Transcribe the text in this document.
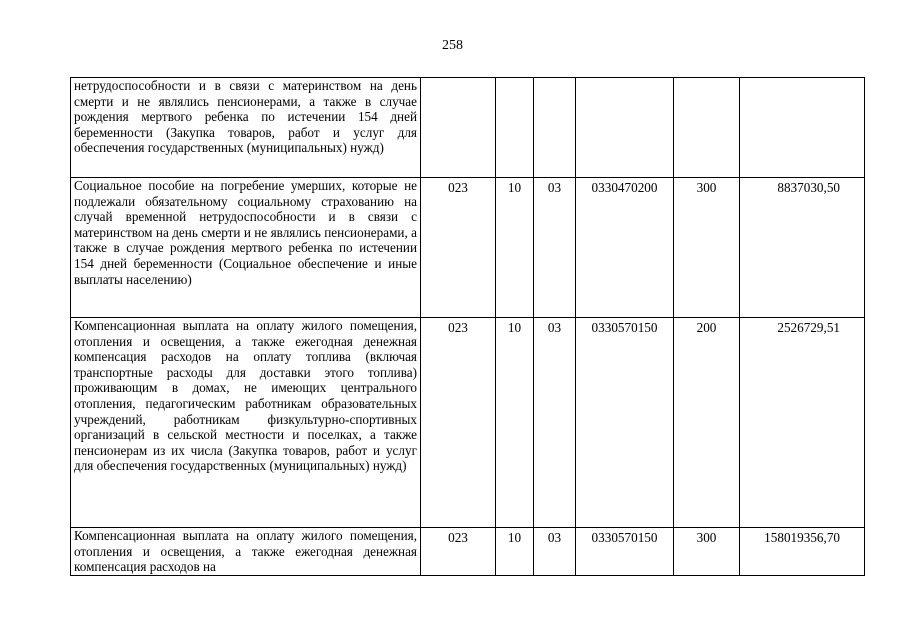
258
нетрудоспособности и в связи с материнством на день смерти и не являлись пенсионерами, а также в случае рождения мертвого ребенка по истечении 154 дней беременности (Закупка товаров, работ и услуг для обеспечения государственных (муниципальных) нужд)						
Социальное пособие на погребение умерших, которые не подлежали обязательному социальному страхованию на случай временной нетрудоспособности и в связи с материнством на день смерти и не являлись пенсионерами, а также в случае рождения мертвого ребенка по истечении 154 дней беременности (Социальное обеспечение и иные выплаты населению)	023	10	03	0330470200	300	8837030,50
Компенсационная выплата на оплату жилого помещения, отопления и освещения, а также ежегодная денежная компенсация расходов на оплату топлива (включая транспортные расходы для доставки этого топлива) проживающим в домах, не имеющих центрального отопления, педагогическим работникам образовательных учреждений, работникам физкультурно-спортивных организаций в сельской местности и поселках, а также пенсионерам из их числа (Закупка товаров, работ и услуг для обеспечения государственных (муниципальных) нужд)	023	10	03	0330570150	200	2526729,51
Компенсационная выплата на оплату жилого помещения, отопления и освещения, а также ежегодная денежная компенсация расходов на	023	10	03	0330570150	300	158019356,70
